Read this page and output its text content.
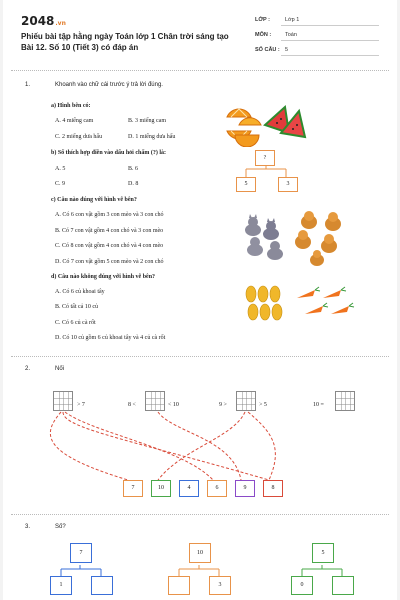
2048.vn
Phiếu bài tập hằng ngày Toán lớp 1 Chân trời sáng tạo Bài 12. Số 10 (Tiết 3) có đáp án
LỚP :	Lớp 1
MÔN :	Toán
SỐ CÂU : 5
1.	Khoanh vào chữ cái trước ý trả lời đúng.
a) Hình bên có:
A. 4 miếng cam	B. 3 miếng cam
C. 2 miếng dưa hấu	D. 1 miếng dưa hấu
b) Số thích hợp điền vào dấu hỏi chấm (?) là:
A. 5	B. 6
C. 9	D. 8
?
5	3
c) Câu nào đúng với hình vẽ bên?
A. Có 6 con vật gồm 3 con mèo và 3 con chó
B. Có 7 con vật gồm 4 con chó và 3 con mèo
C. Có 8 con vật gồm 4 con chó và 4 con mèo
D. Có 7 con vật gồm 5 con mèo và 2 con chó
d) Câu nào không đúng với hình vẽ bên?
A. Có 6 củ khoai tây
B. Có tất cả 10 củ
C. Có 6 củ cà rốt
D. Có 10 củ gồm 6 củ khoai tây và 4 củ cà rốt
2.	Nối
> 7	8 <	< 10	9 >	> 5	10 =
7	10	4	6	9	8
3.	Số?
7
1
10
3
5
0
